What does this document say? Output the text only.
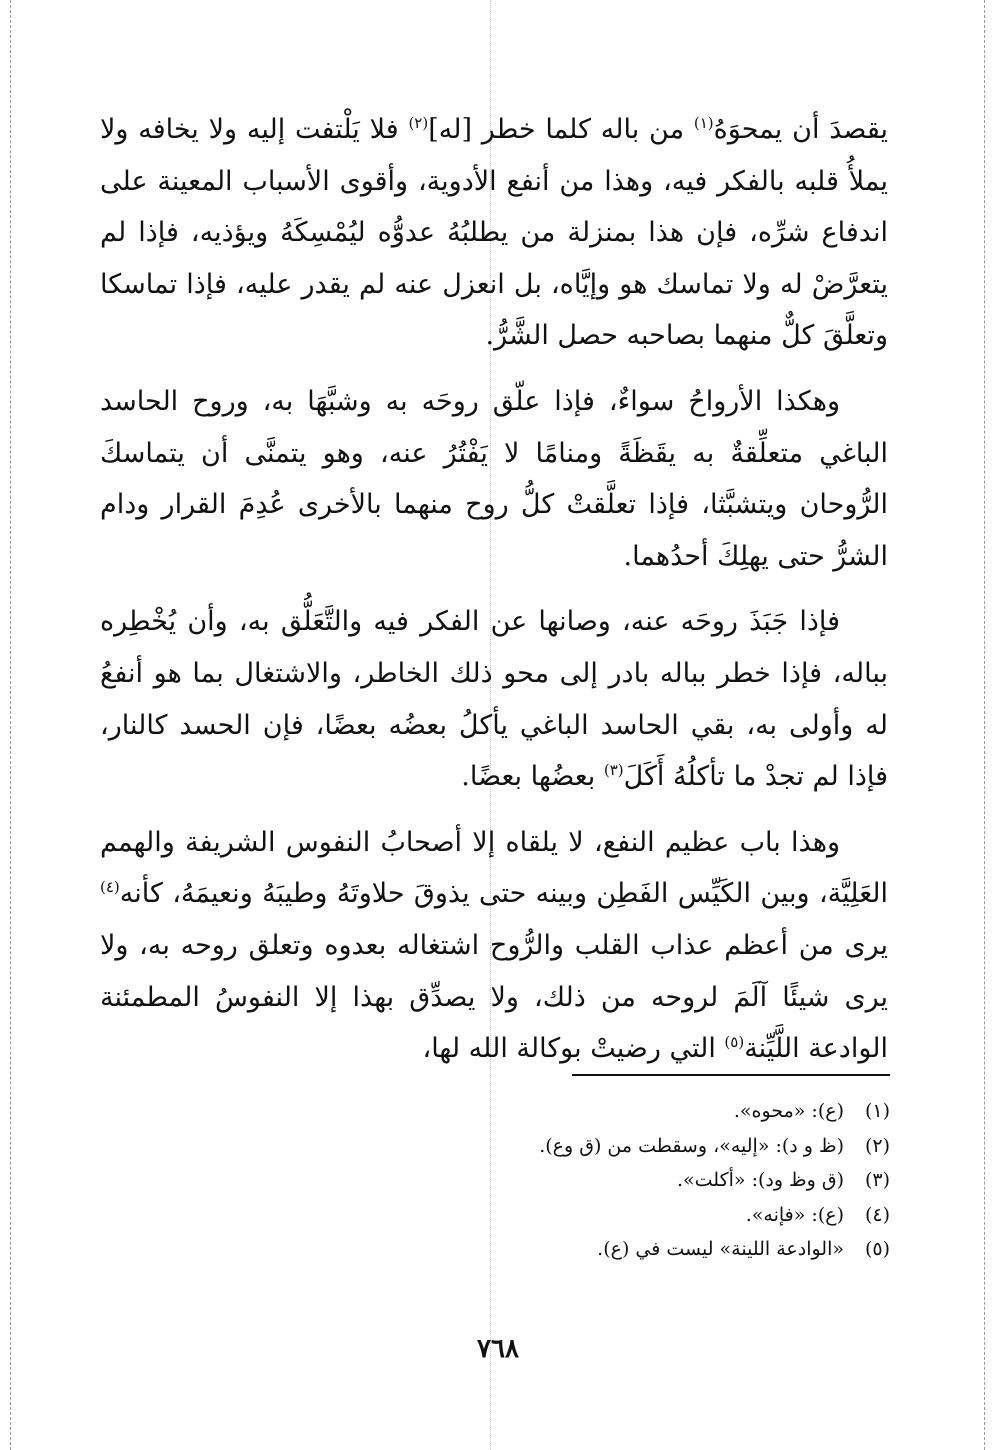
يقصدَ أن يمحوَهُ$^{(١)}$ من باله كلما خطر [له]$^{(٢)}$ فلا يَلْتفت إليه ولا يخافه ولا يملأُ قلبه بالفكر فيه، وهذا من أنفع الأدوية، وأقوى الأسباب المعينة على اندفاع شرِّه، فإن هذا بمنزلة من يطلبُهُ عدوُّه ليُمْسِكَهُ ويؤذيه، فإذا لم يتعرَّضْ له ولا تماسك هو وإيَّاه، بل انعزل عنه لم يقدر عليه، فإذا تماسكا وتعلَّقَ كلٌّ منهما بصاحبه حصل الشَّرُّ.

وهكذا الأرواحُ سواءٌ، فإذا علّق روحَه به وشبَّهَا به، وروح الحاسد الباغي متعلِّقةٌ به يقَظَةً ومنامًا لا يَفْتُرُ عنه، وهو يتمنَّى أن يتماسكَ الرُّوحان ويتشبَّثا، فإذا تعلَّقتْ كلُّ روح منهما بالأخرى عُدِمَ القرار ودام الشرُّ حتى يهلِكَ أحدُهما.

فإذا جَبَذَ روحَه عنه، وصانها عن الفكر فيه والتَّعَلُّق به، وأن يُخْطِره بباله، فإذا خطر بباله بادر إلى محو ذلك الخاطر، والاشتغال بما هو أنفعُ له وأولى به، بقي الحاسد الباغي يأكلُ بعضُه بعضًا، فإن الحسد كالنار، فإذا لم تجدْ ما تأكلُهُ أَكَلَ$^{(٣)}$ بعضُها بعضًا.

وهذا باب عظيم النفع، لا يلقاه إلا أصحابُ النفوس الشريفة والهمم العَلِيَّة، وبين الكَيِّس الفَطِن وبينه حتى يذوقَ حلاوتَهُ وطيبَهُ ونعيمَهُ، كأنه$^{(٤)}$ يرى من أعظم عذاب القلب والرُّوح اشتغاله بعدوه وتعلق روحه به، ولا يرى شيئًا آلَمَ لروحه من ذلك، ولا يصدِّق بهذا إلا النفوسُ المطمئنة الوادعة اللَّيِّنة$^{(٥)}$ التي رضيتْ بوكالة الله لها،

(١)(ع): «محوه».
(٢)(ظ و د): «إليه»، وسقطت من (ق وع).
(٣)(ق وظ ود): «أكلت».
(٤)(ع): «فإنه».
(٥)«الوادعة اللينة» ليست في (ع).
٧٦٨
